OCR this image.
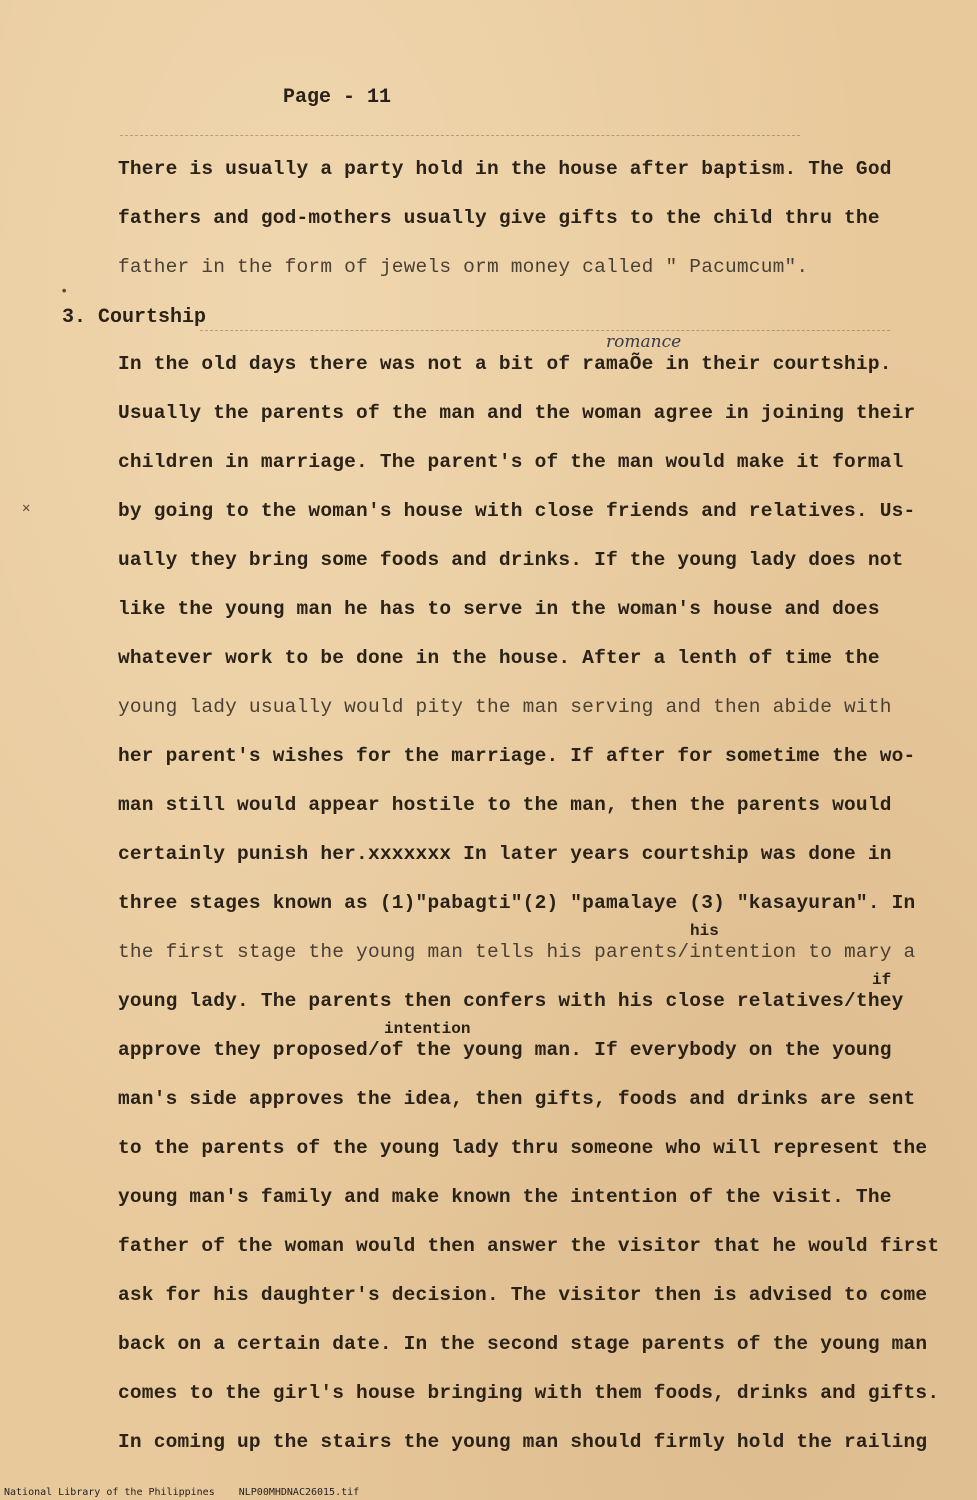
Page - 11
•
✕
There is usually a party hold in the house after baptism. The God
fathers and god-mothers usually give gifts to the child thru the
father in the form of jewels orm money called " Pacumcum".
3. Courtship
romance
In the old days there was not a bit of ramaÕe in their courtship.
Usually the parents of the man and the woman agree in joining their
children in marriage. The parent's of the man would make it formal
by going to the woman's house with close friends and relatives. Us-
ually they bring some foods and drinks. If the young lady does not
like the young man he has to serve in the woman's house and does
whatever work to be done in the house. After a lenth of time the
young lady usually would pity the man serving and then abide with
her parent's wishes for the marriage. If after for sometime the wo-
man still would appear hostile to the man, then the parents would
certainly punish her.xxxxxxx In later years courtship was done in
three stages known as (1)"pabagti"(2) "pamalaye (3) "kasayuran". In
his
the first stage the young man tells his parents/intention to mary a
if
young lady. The parents then confers with his close relatives/they
intention
approve they proposed/of the young man. If everybody on the young
man's side approves the idea, then gifts, foods and drinks are sent
to the parents of the young lady thru someone who will represent the
young man's family and make known the intention of the visit. The
father of the woman would then answer the visitor that he would first
ask for his daughter's decision. The visitor then is advised to come
back on a certain date. In the second stage parents of the young man
comes to the girl's house bringing with them foods, drinks and gifts.
In coming up the stairs the young man should firmly hold the railing
National Library of the Philippines NLP00MHDNAC26015.tif
